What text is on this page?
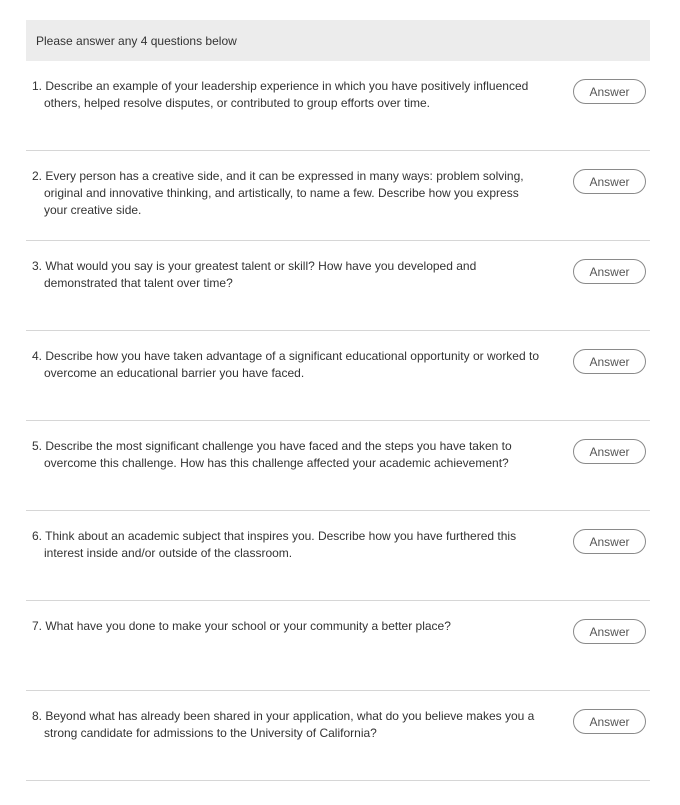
Please answer any 4 questions below
1. Describe an example of your leadership experience in which you have positively influenced others, helped resolve disputes, or contributed to group efforts over time.
Answer
2. Every person has a creative side, and it can be expressed in many ways: problem solving, original and innovative thinking, and artistically, to name a few. Describe how you express your creative side.
Answer
3. What would you say is your greatest talent or skill? How have you developed and demonstrated that talent over time?
Answer
4. Describe how you have taken advantage of a significant educational opportunity or worked to overcome an educational barrier you have faced.
Answer
5. Describe the most significant challenge you have faced and the steps you have taken to overcome this challenge. How has this challenge affected your academic achievement?
Answer
6. Think about an academic subject that inspires you. Describe how you have furthered this interest inside and/or outside of the classroom.
Answer
7. What have you done to make your school or your community a better place?	Answer
8. Beyond what has already been shared in your application, what do you believe makes you a strong candidate for admissions to the University of California?
Answer
